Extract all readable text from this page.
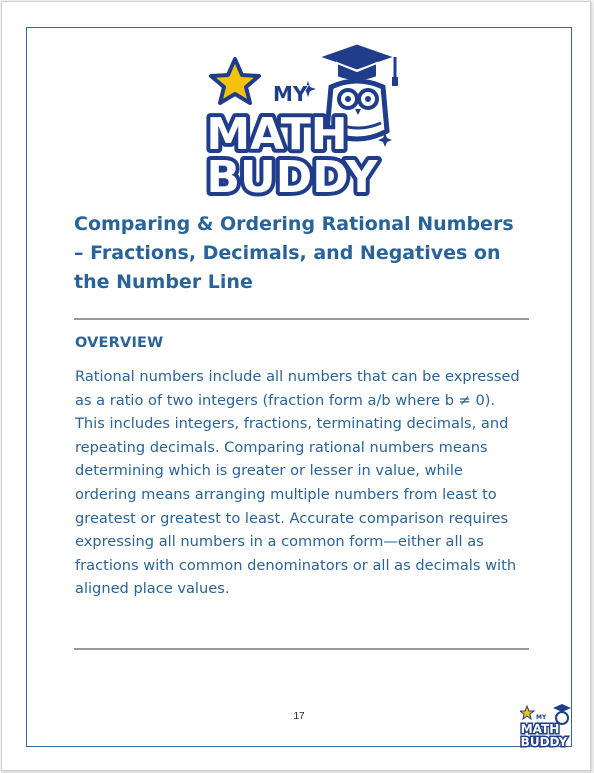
MY
MATH
BUDDY
Comparing & Ordering Rational Numbers – Fractions, Decimals, and Negatives on the Number Line
OVERVIEW
Rational numbers include all numbers that can be expressed as a ratio of two integers (fraction form a/b where b ≠ 0). This includes integers, fractions, terminating decimals, and repeating decimals. Comparing rational numbers means determining which is greater or lesser in value, while ordering means arranging multiple numbers from least to greatest or greatest to least. Accurate comparison requires expressing all numbers in a common form—either all as fractions with common denominators or all as decimals with aligned place values.
17	MY
MATH
BUDDY
